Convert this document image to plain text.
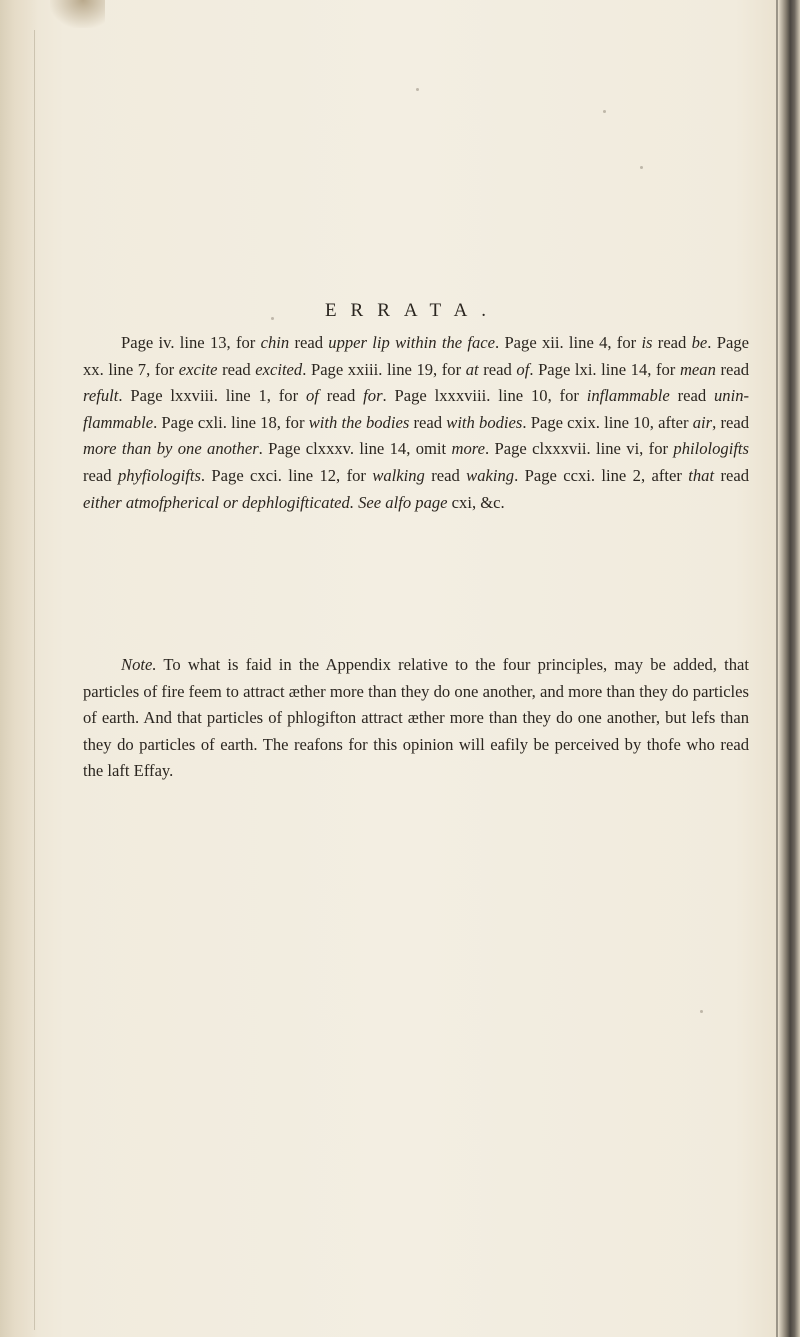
ERRATA.

Page iv. line 13, for chin read upper lip within the face. Page xii. line 4, for is read be. Page xx. line 7, for excite read excited. Page xxiii. line 19, for at read of. Page lxi. line 14, for mean read refult. Page lxxviii. line 1, for of read for. Page lxxxviii. line 10, for inflammable read unin-flammable. Page cxli. line 18, for with the bodies read with bodies. Page cxix. line 10, after air, read more than by one another. Page clxxxv. line 14, omit more. Page clxxxvii. line vi, for philologifts read phyfiologifts. Page cxci. line 12, for walking read waking. Page ccxi. line 2, after that read either atmofpherical or dephlogifticated. See alfo page cxi, &c.

Note. To what is faid in the Appendix relative to the four principles, may be added, that particles of fire feem to attract æther more than they do one another, and more than they do particles of earth. And that particles of phlogifton attract æther more than they do one another, but lefs than they do particles of earth. The reafons for this opinion will eafily be perceived by thofe who read the laft Effay.
